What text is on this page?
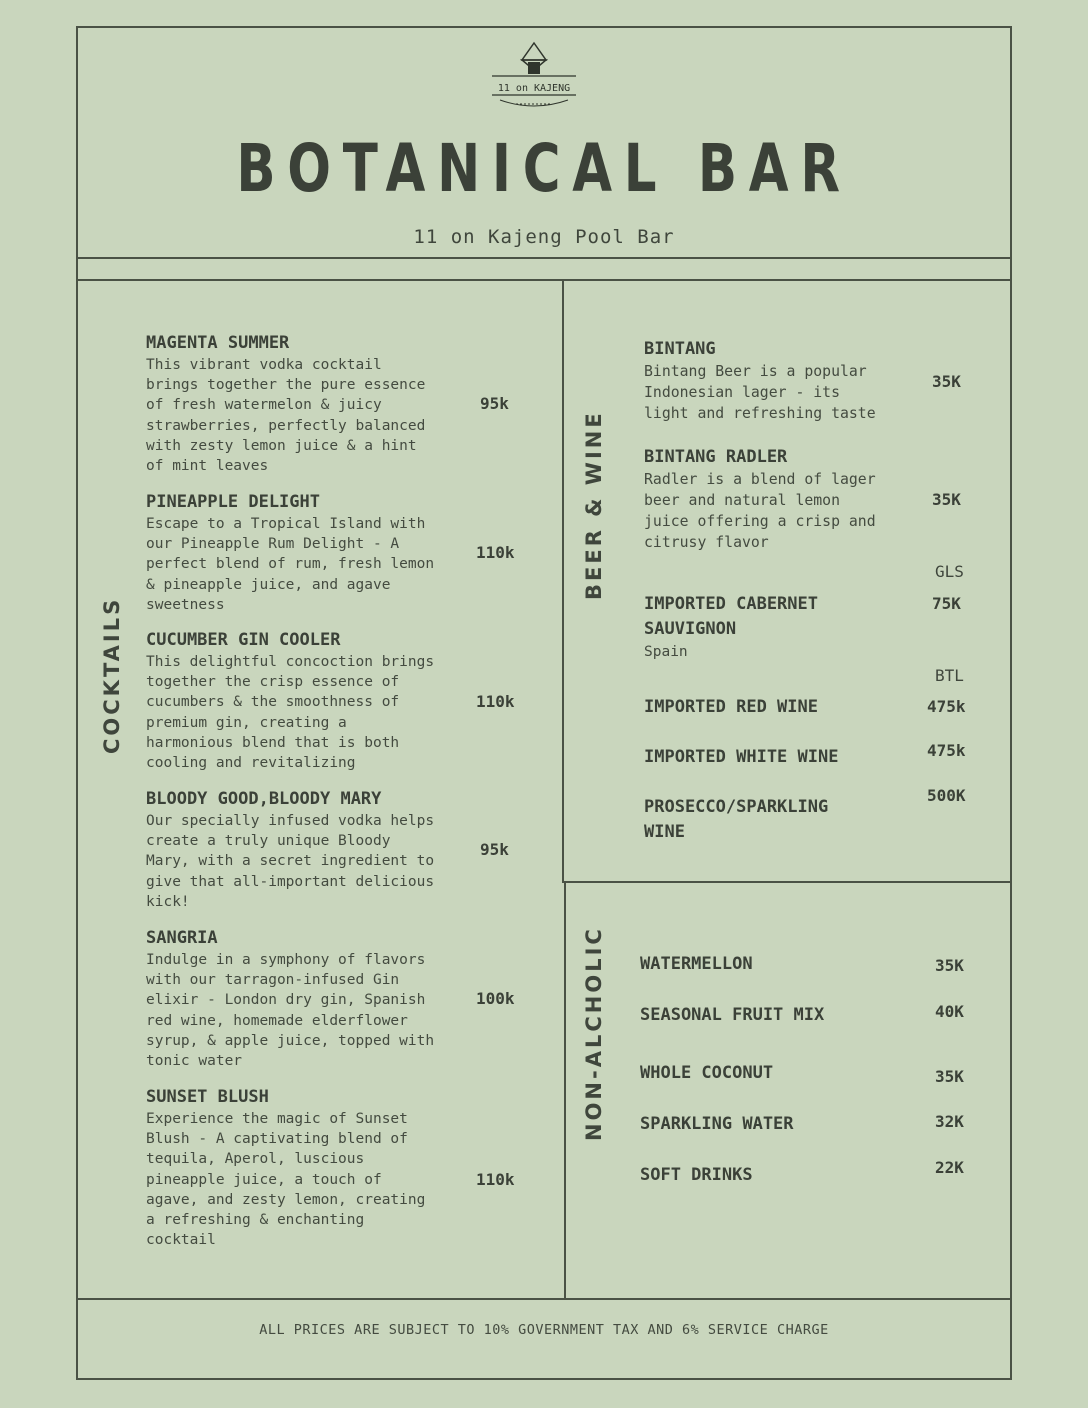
11 on KAJENG
BOTANICAL BAR
11 on Kajeng Pool Bar
COCKTAILS
BEER & WINE
NON-ALCHOLIC
MAGENTA SUMMER
This vibrant vodka cocktail
brings together the pure essence
of fresh watermelon & juicy
strawberries, perfectly balanced
with zesty lemon juice & a hint
of mint leaves
95k
PINEAPPLE DELIGHT
Escape to a Tropical Island with
our Pineapple Rum Delight - A
perfect blend of rum, fresh lemon
& pineapple juice, and agave
sweetness
110k
CUCUMBER GIN COOLER
This delightful concoction brings
together the crisp essence of
cucumbers & the smoothness of
premium gin, creating a
harmonious blend that is both
cooling and revitalizing
110k
BLOODY GOOD,BLOODY MARY
Our specially infused vodka helps
create a truly unique Bloody
Mary, with a secret ingredient to
give that all-important delicious
kick!
95k
SANGRIA
Indulge in a symphony of flavors
with our tarragon-infused Gin
elixir - London dry gin, Spanish
red wine, homemade elderflower
syrup, & apple juice, topped with
tonic water
100k
SUNSET BLUSH
Experience the magic of Sunset
Blush - A captivating blend of
tequila, Aperol, luscious
pineapple juice, a touch of
agave, and zesty lemon, creating
a refreshing & enchanting
cocktail
110k
BINTANG
Bintang Beer is a popular
Indonesian lager - its
light and refreshing taste
35K
BINTANG RADLER
Radler is a blend of lager
beer and natural lemon
juice offering a crisp and
citrusy flavor
35K
GLS
IMPORTED CABERNET
SAUVIGNON
Spain
75K
BTL
IMPORTED RED WINE	475k
IMPORTED WHITE WINE	475k
PROSECCO/SPARKLING
WINE
500K
WATERMELLON	35K
SEASONAL FRUIT MIX	40K
WHOLE COCONUT	35K
SPARKLING WATER	32K
SOFT DRINKS	22K
ALL PRICES ARE SUBJECT TO 10% GOVERNMENT TAX AND 6% SERVICE CHARGE
